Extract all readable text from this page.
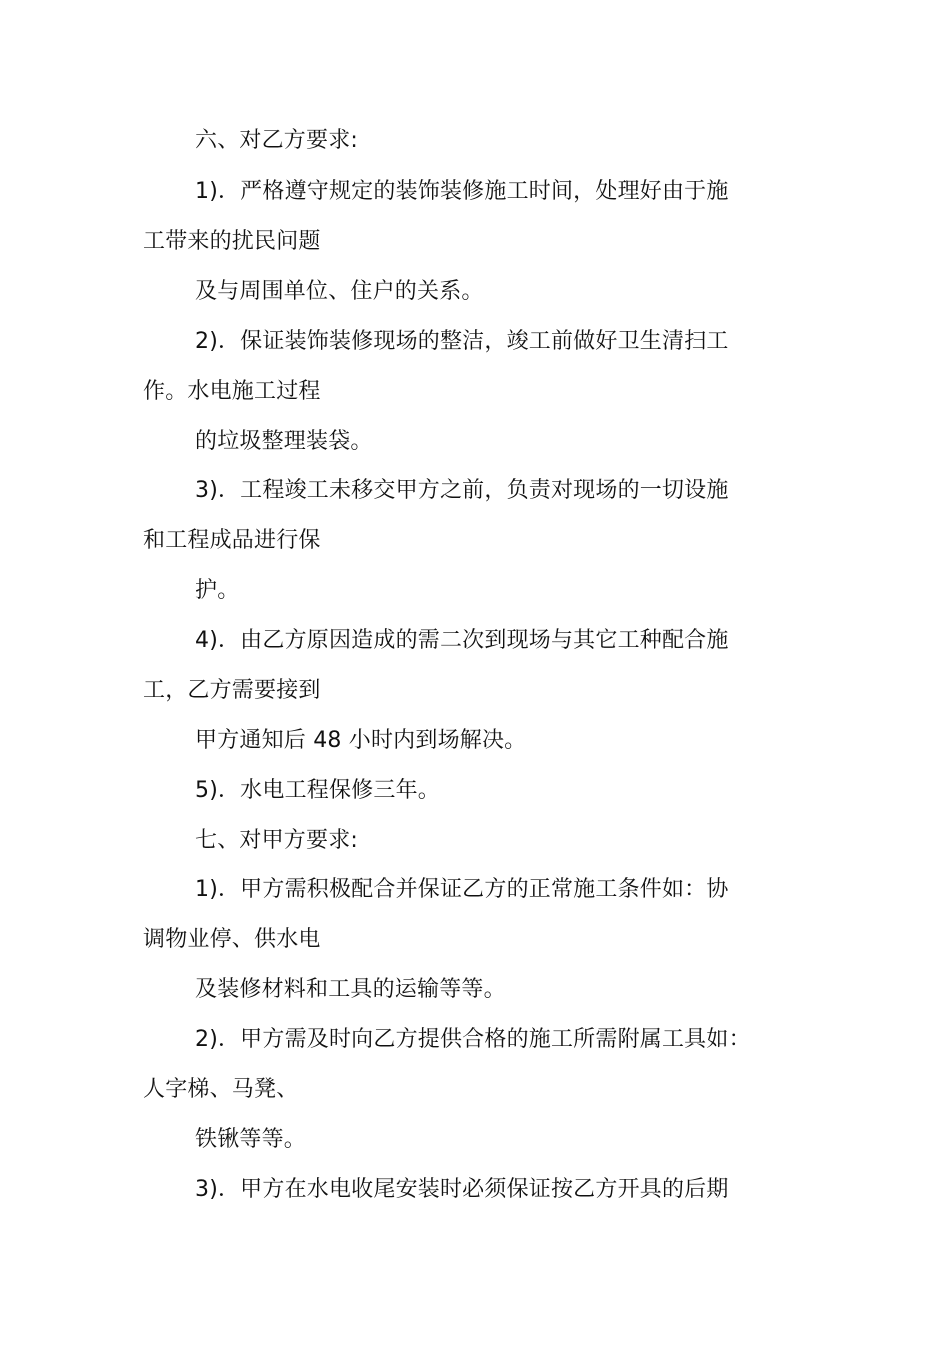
六、对乙方要求:
1)．严格遵守规定的装饰装修施工时间，处理好由于施
工带来的扰民问题
及与周围单位、住户的关系。
2)．保证装饰装修现场的整洁，竣工前做好卫生清扫工
作。水电施工过程
的垃圾整理装袋。
3)．工程竣工未移交甲方之前，负责对现场的一切设施
和工程成品进行保
护。
4)．由乙方原因造成的需二次到现场与其它工种配合施
工，乙方需要接到
甲方通知后 48 小时内到场解决。
5)．水电工程保修三年。
七、对甲方要求:
1)．甲方需积极配合并保证乙方的正常施工条件如：协
调物业停、供水电
及装修材料和工具的运输等等。
2)．甲方需及时向乙方提供合格的施工所需附属工具如：
人字梯、马凳、
铁锹等等。
3)．甲方在水电收尾安装时必须保证按乙方开具的后期
